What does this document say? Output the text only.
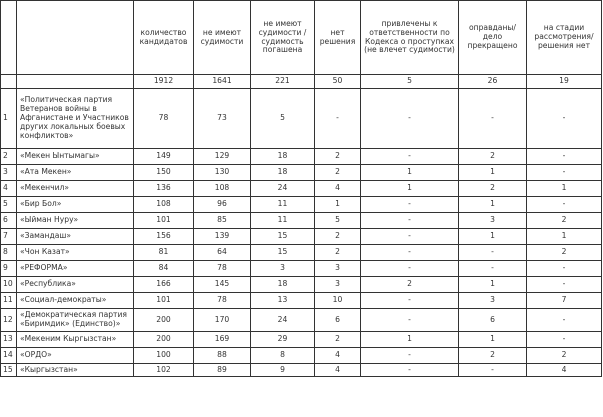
		количество кандидатов	не имеют судимости	не имеют судимости / судимость погашена	нет решения	привлечены к ответственности по Кодекса о проступках (не влечет судимости)	оправданы/ дело прекращено	на стадии рассмотрения/ решения нет
		1912	1641	221	50	5	26	19
1	«Политическая партия Ветеранов войны в Афганистане и Участников других локальных боевых конфликтов»	78	73	5	-	-	-	-
2	«Мекен Ынтымагы»	149	129	18	2	-	2	-
3	«Ата Мекен»	150	130	18	2	1	1	-
4	«Мекенчил»	136	108	24	4	1	2	1
5	«Бир Бол»	108	96	11	1	-	1	-
6	«Ыйман Нуру»	101	85	11	5	-	3	2
7	«Замандаш»	156	139	15	2	-	1	1
8	«Чон Казат»	81	64	15	2	-	-	2
9	«РЕФОРМА»	84	78	3	3	-	-	-
10	«Республика»	166	145	18	3	2	1	-
11	«Социал-демократы»	101	78	13	10	-	3	7
12	«Демократическая партия «Биримдик» (Единство)»	200	170	24	6	-	6	-
13	«Мекеним Кыргызстан»	200	169	29	2	1	1	-
14	«ОРДО»	100	88	8	4	-	2	2
15	«Кыргызстан»	102	89	9	4	-	-	4
